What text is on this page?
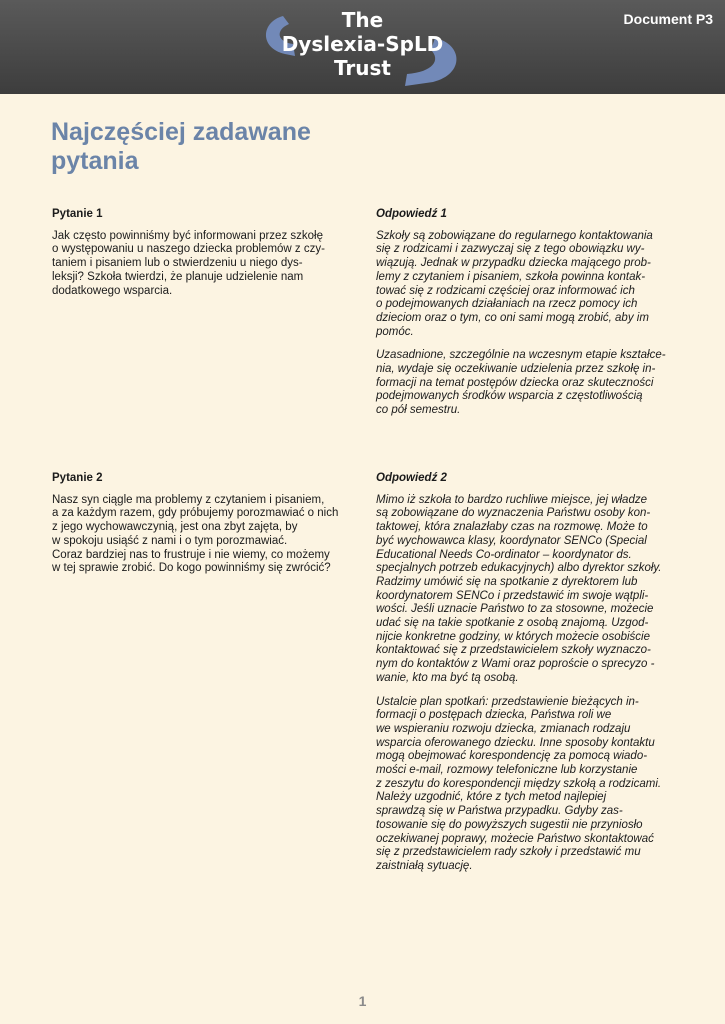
The
Dyslexia-SpLD
Trust
Document P3
Najczęściej zadawane
pytania
Pytanie 1

Jak często powinniśmy być informowani przez szkołę
o występowaniu u naszego dziecka problemów z czy-
taniem i pisaniem lub o stwierdzeniu u niego dys-
leksji? Szkoła twierdzi, że planuje udzielenie nam
dodatkowego wsparcia.

Odpowiedź 1

Szkoły są zobowiązane do regularnego kontaktowania
się z rodzicami i zazwyczaj się z tego obowiązku wy-
wiązują. Jednak w przypadku dziecka mającego prob-
lemy z czytaniem i pisaniem, szkoła powinna kontak-
tować się z rodzicami częściej oraz informować ich
o podejmowanych działaniach na rzecz pomocy ich
dzieciom oraz o tym, co oni sami mogą zrobić, aby im
pomóc.

Uzasadnione, szczególnie na wczesnym etapie kształce-
nia, wydaje się oczekiwanie udzielenia przez szkołę in-
formacji na temat postępów dziecka oraz skuteczności
podejmowanych środków wsparcia z częstotliwością
co pół semestru.

Pytanie 2

Nasz syn ciągle ma problemy z czytaniem i pisaniem,
a za każdym razem, gdy próbujemy porozmawiać o nich
z jego wychowawczynią, jest ona zbyt zajęta, by
w spokoju usiąść z nami i o tym porozmawiać.
Coraz bardziej nas to frustruje i nie wiemy, co możemy
w tej sprawie zrobić. Do kogo powinniśmy się zwrócić?

Odpowiedź 2

Mimo iż szkoła to bardzo ruchliwe miejsce, jej władze
są zobowiązane do wyznaczenia Państwu osoby kon-
taktowej, która znalazłaby czas na rozmowę. Może to
być wychowawca klasy, koordynator SENCo (Special
Educational Needs Co-ordinator – koordynator ds.
specjalnych potrzeb edukacyjnych) albo dyrektor szkoły.
Radzimy umówić się na spotkanie z dyrektorem lub
koordynatorem SENCo i przedstawić im swoje wątpli-
wości. Jeśli uznacie Państwo to za stosowne, możecie
udać się na takie spotkanie z osobą znajomą. Uzgod-
nijcie konkretne godziny, w których możecie osobiście
kontaktować się z przedstawicielem szkoły wyznaczo-
nym do kontaktów z Wami oraz poproście o sprecyzo -
wanie, kto ma być tą osobą.

Ustalcie plan spotkań: przedstawienie bieżących in-
formacji o postępach dziecka, Państwa roli we
we wspieraniu rozwoju dziecka, zmianach rodzaju
wsparcia oferowanego dziecku. Inne sposoby kontaktu
mogą obejmować korespondencję za pomocą wiado-
mości e-mail, rozmowy telefoniczne lub korzystanie
z zeszytu do korespondencji między szkołą a rodzicami.
Należy uzgodnić, które z tych metod najlepiej
sprawdzą się w Państwa przypadku. Gdyby zas-
tosowanie się do powyższych sugestii nie przyniosło
oczekiwanej poprawy, możecie Państwo skontaktować
się z przedstawicielem rady szkoły i przedstawić mu
zaistniałą sytuację.

1
